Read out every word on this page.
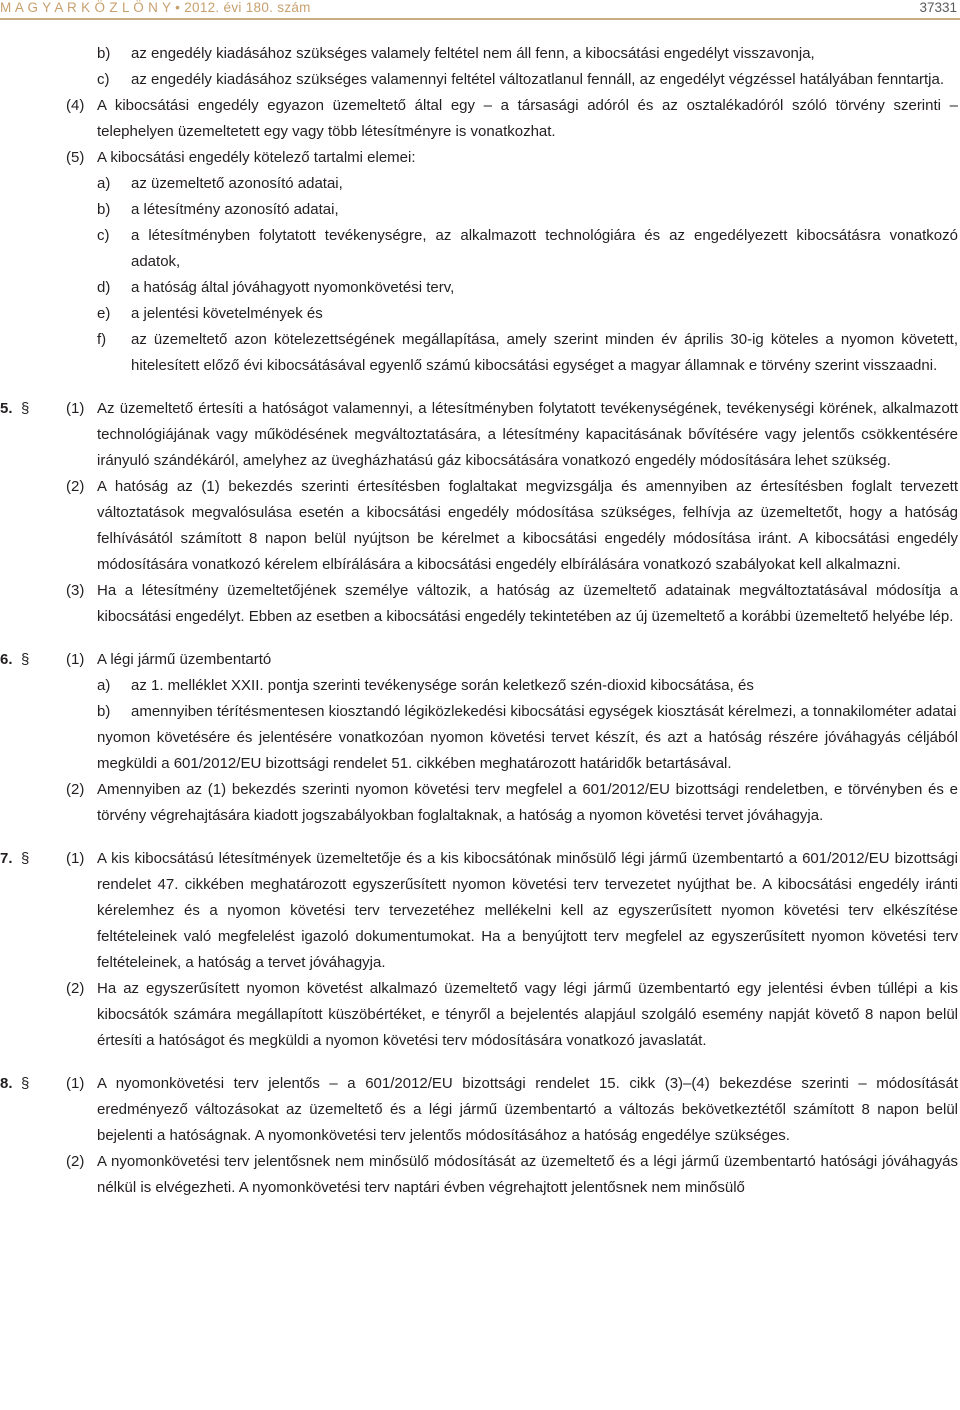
M A G Y A R K Ö Z L Ö N Y • 2012. évi 180. szám	37331
b) az engedély kiadásához szükséges valamely feltétel nem áll fenn, a kibocsátási engedélyt visszavonja,
c) az engedély kiadásához szükséges valamennyi feltétel változatlanul fennáll, az engedélyt végzéssel hatályában fenntartja.
(4) A kibocsátási engedély egyazon üzemeltető által egy – a társasági adóról és az osztalékadóról szóló törvény szerinti – telephelyen üzemeltetett egy vagy több létesítményre is vonatkozhat.
(5) A kibocsátási engedély kötelező tartalmi elemei:
a) az üzemeltető azonosító adatai,
b) a létesítmény azonosító adatai,
c) a létesítményben folytatott tevékenységre, az alkalmazott technológiára és az engedélyezett kibocsátásra vonatkozó adatok,
d) a hatóság által jóváhagyott nyomonkövetési terv,
e) a jelentési követelmények és
f) az üzemeltető azon kötelezettségének megállapítása, amely szerint minden év április 30-ig köteles a nyomon követett, hitelesített előző évi kibocsátásával egyenlő számú kibocsátási egységet a magyar államnak e törvény szerint visszaadni.
5. § (1) Az üzemeltető értesíti a hatóságot valamennyi, a létesítményben folytatott tevékenységének, tevékenységi körének, alkalmazott technológiájának vagy működésének megváltoztatására, a létesítmény kapacitásának bővítésére vagy jelentős csökkentésére irányuló szándékáról, amelyhez az üvegházhatású gáz kibocsátására vonatkozó engedély módosítására lehet szükség.
(2) A hatóság az (1) bekezdés szerinti értesítésben foglaltakat megvizsgálja és amennyiben az értesítésben foglalt tervezett változtatások megvalósulása esetén a kibocsátási engedély módosítása szükséges, felhívja az üzemeltetőt, hogy a hatóság felhívásától számított 8 napon belül nyújtson be kérelmet a kibocsátási engedély módosítása iránt. A kibocsátási engedély módosítására vonatkozó kérelem elbírálására a kibocsátási engedély elbírálására vonatkozó szabályokat kell alkalmazni.
(3) Ha a létesítmény üzemeltetőjének személye változik, a hatóság az üzemeltető adatainak megváltoztatásával módosítja a kibocsátási engedélyt. Ebben az esetben a kibocsátási engedély tekintetében az új üzemeltető a korábbi üzemeltető helyébe lép.
6. § (1) A légi jármű üzembentartó
a) az 1. melléklet XXII. pontja szerinti tevékenysége során keletkező szén-dioxid kibocsátása, és
b) amennyiben térítésmentesen kiosztandó légiközlekedési kibocsátási egységek kiosztását kérelmezi, a tonnakilométer adatai
nyomon követésére és jelentésére vonatkozóan nyomon követési tervet készít, és azt a hatóság részére jóváhagyás céljából megküldi a 601/2012/EU bizottsági rendelet 51. cikkében meghatározott határidők betartásával.
(2) Amennyiben az (1) bekezdés szerinti nyomon követési terv megfelel a 601/2012/EU bizottsági rendeletben, e törvényben és e törvény végrehajtására kiadott jogszabályokban foglaltaknak, a hatóság a nyomon követési tervet jóváhagyja.
7. § (1) A kis kibocsátású létesítmények üzemeltetője és a kis kibocsátónak minősülő légi jármű üzembentartó a 601/2012/EU bizottsági rendelet 47. cikkében meghatározott egyszerűsített nyomon követési terv tervezetet nyújthat be. A kibocsátási engedély iránti kérelemhez és a nyomon követési terv tervezetéhez mellékelni kell az egyszerűsített nyomon követési terv elkészítése feltételeinek való megfelelést igazoló dokumentumokat. Ha a benyújtott terv megfelel az egyszerűsített nyomon követési terv feltételeinek, a hatóság a tervet jóváhagyja.
(2) Ha az egyszerűsített nyomon követést alkalmazó üzemeltető vagy légi jármű üzembentartó egy jelentési évben túllépi a kis kibocsátók számára megállapított küszöbértéket, e tényről a bejelentés alapjául szolgáló esemény napját követő 8 napon belül értesíti a hatóságot és megküldi a nyomon követési terv módosítására vonatkozó javaslatát.
8. § (1) A nyomonkövetési terv jelentős – a 601/2012/EU bizottsági rendelet 15. cikk (3)–(4) bekezdése szerinti – módosítását eredményező változásokat az üzemeltető és a légi jármű üzembentartó a változás bekövetkeztétől számított 8 napon belül bejelenti a hatóságnak. A nyomonkövetési terv jelentős módosításához a hatóság engedélye szükséges.
(2) A nyomonkövetési terv jelentősnek nem minősülő módosítását az üzemeltető és a légi jármű üzembentartó hatósági jóváhagyás nélkül is elvégezheti. A nyomonkövetési terv naptári évben végrehajtott jelentősnek nem minősülő
